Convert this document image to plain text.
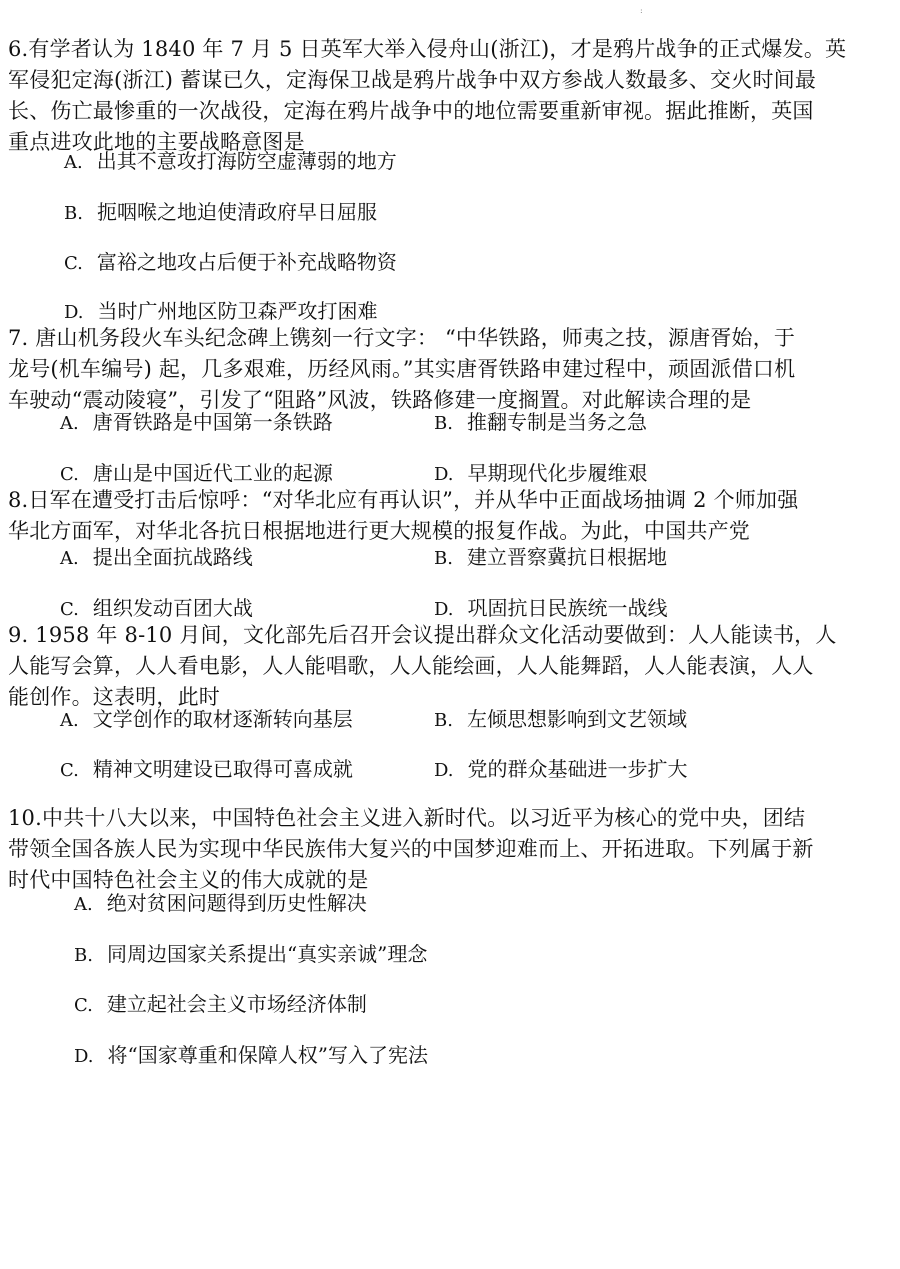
:
6.有学者认为 1840 年 7 月 5 日英军大举入侵舟山(浙江)，才是鸦片战争的正式爆发。英
军侵犯定海(浙江) 蓄谋已久，定海保卫战是鸦片战争中双方参战人数最多、交火时间最
长、伤亡最惨重的一次战役，定海在鸦片战争中的地位需要重新审视。据此推断，英国
重点进攻此地的主要战略意图是
A. 出其不意攻打海防空虚薄弱的地方
B. 扼咽喉之地迫使清政府早日屈服
C. 富裕之地攻占后便于补充战略物资
D. 当时广州地区防卫森严攻打困难
7. 唐山机务段火车头纪念碑上镌刻一行文字： “中华铁路，师夷之技，源唐胥始，于
龙号(机车编号) 起，几多艰难，历经风雨。”其实唐胥铁路申建过程中，顽固派借口机
车驶动“震动陵寝”，引发了“阻路”风波，铁路修建一度搁置。对此解读合理的是
A. 唐胥铁路是中国第一条铁路	B. 推翻专制是当务之急
C. 唐山是中国近代工业的起源	D. 早期现代化步履维艰
8.日军在遭受打击后惊呼：“对华北应有再认识”，并从华中正面战场抽调 2 个师加强
华北方面军，对华北各抗日根据地进行更大规模的报复作战。为此，中国共产党
A. 提出全面抗战路线	B. 建立晋察冀抗日根据地
C. 组织发动百团大战	D. 巩固抗日民族统一战线
9. 1958 年 8-10 月间，文化部先后召开会议提出群众文化活动要做到：人人能读书，人
人能写会算，人人看电影，人人能唱歌，人人能绘画，人人能舞蹈，人人能表演，人人
能创作。这表明，此时
A. 文学创作的取材逐渐转向基层	B. 左倾思想影响到文艺领域
C. 精神文明建设已取得可喜成就	D. 党的群众基础进一步扩大
10.中共十八大以来，中国特色社会主义进入新时代。以习近平为核心的党中央，团结
带领全国各族人民为实现中华民族伟大复兴的中国梦迎难而上、开拓进取。下列属于新
时代中国特色社会主义的伟大成就的是
A. 绝对贫困问题得到历史性解决
B. 同周边国家关系提出“真实亲诚”理念
C. 建立起社会主义市场经济体制
D. 将“国家尊重和保障人权”写入了宪法
